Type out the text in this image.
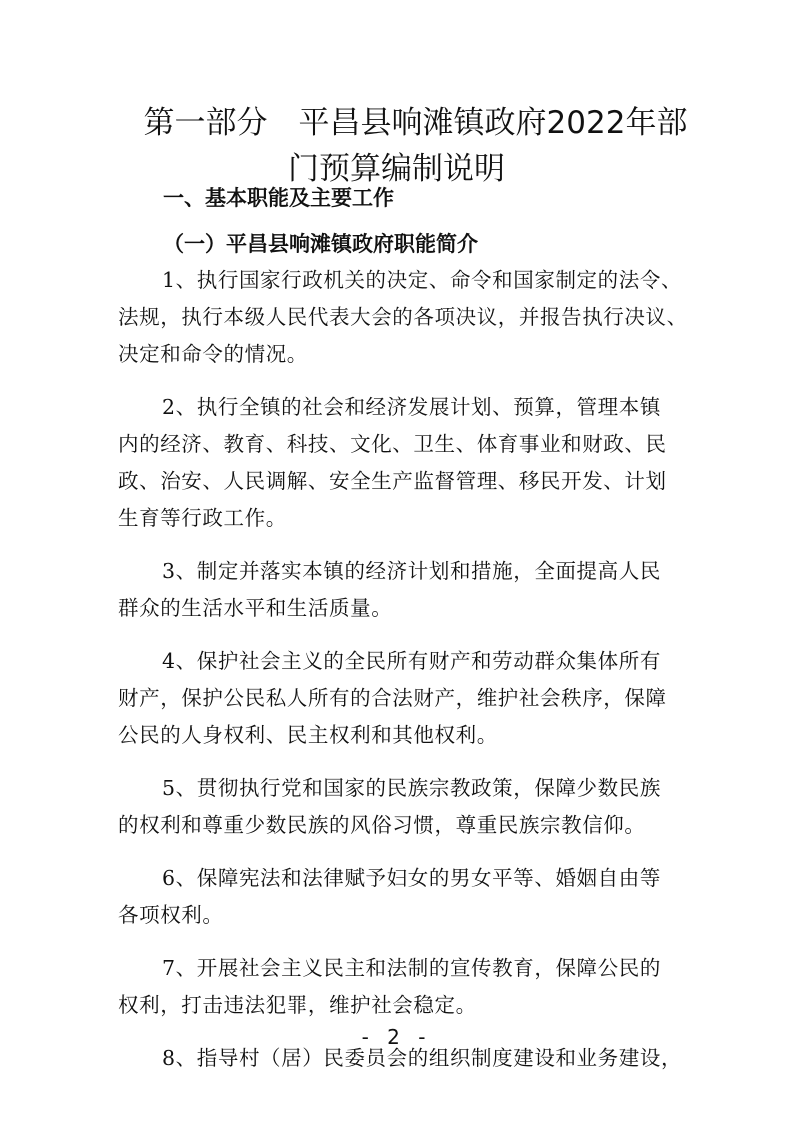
第一部分　平昌县响滩镇政府2022年部
门预算编制说明
一、基本职能及主要工作
（一）平昌县响滩镇政府职能简介

1、执行国家行政机关的决定、命令和国家制定的法令、
法规，执行本级人民代表大会的各项决议，并报告执行决议、
决定和命令的情况。

2、执行全镇的社会和经济发展计划、预算，管理本镇
内的经济、教育、科技、文化、卫生、体育事业和财政、民
政、治安、人民调解、安全生产监督管理、移民开发、计划
生育等行政工作。

3、制定并落实本镇的经济计划和措施，全面提高人民
群众的生活水平和生活质量。

4、保护社会主义的全民所有财产和劳动群众集体所有
财产，保护公民私人所有的合法财产，维护社会秩序，保障
公民的人身权利、民主权利和其他权利。

5、贯彻执行党和国家的民族宗教政策，保障少数民族
的权利和尊重少数民族的风俗习惯，尊重民族宗教信仰。

6、保障宪法和法律赋予妇女的男女平等、婚姻自由等
各项权利。

7、开展社会主义民主和法制的宣传教育，保障公民的
权利，打击违法犯罪，维护社会稳定。

8、指导村（居）民委员会的组织制度建设和业务建设，

- 2 -
